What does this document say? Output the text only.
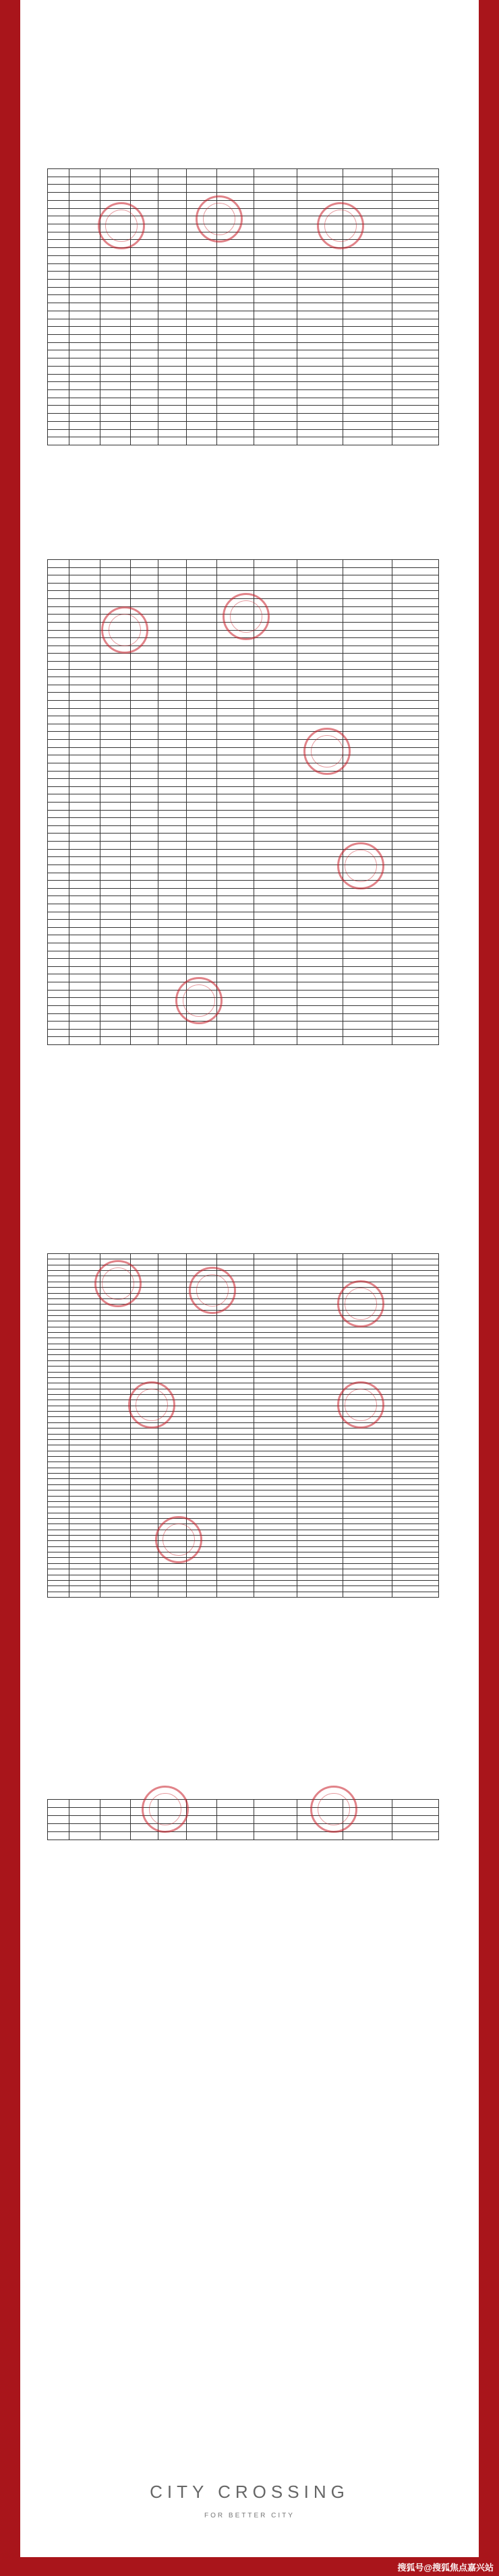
CITY CROSSING
FOR BETTER CITY
搜狐号@搜狐焦点嘉兴站
